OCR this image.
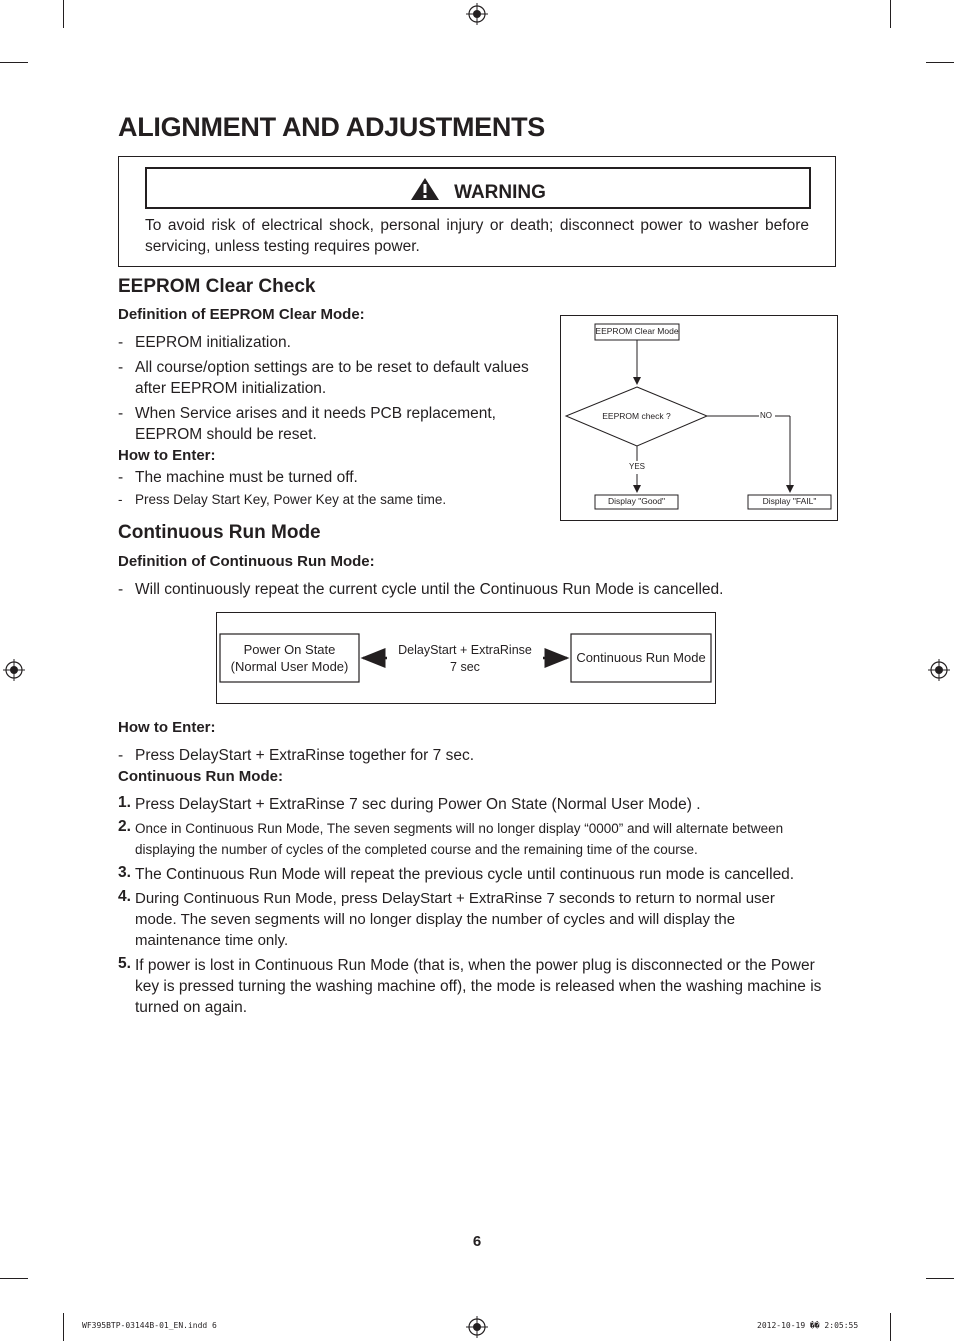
ALIGNMENT AND ADJUSTMENTS
WARNING
To avoid risk of electrical shock, personal injury or death; disconnect power to washer before servicing, unless testing requires power.
EEPROM Clear Check
Definition of EEPROM Clear Mode:
- EEPROM initialization.
- All course/option settings are to be reset to default values after EEPROM initialization.
- When Service arises and it needs PCB replacement, EEPROM should be reset.
How to Enter:
- The machine must be turned off.
- Press Delay Start Key, Power Key at the same time.
EEPROM Clear Mode
EEPROM check ?	NO
YES
Display "Good"	Display "FAIL"
Continuous Run Mode
Definition of Continuous Run Mode:
- Will continuously repeat the current cycle until the Continuous Run Mode is cancelled.
Power On State
(Normal User Mode)
DelayStart + ExtraRinse
7 sec
Continuous Run Mode
How to Enter:
- Press DelayStart + ExtraRinse together for 7 sec.
Continuous Run Mode:
1. Press DelayStart + ExtraRinse 7 sec during Power On State (Normal User Mode) .
2. Once in Continuous Run Mode, The seven segments will no longer display “0000” and will alternate between displaying the number of cycles of the completed course and the remaining time of the course.
3. The Continuous Run Mode will repeat the previous cycle until continuous run mode is cancelled.
4. During Continuous Run Mode, press DelayStart + ExtraRinse 7 seconds to return to normal user mode. The seven segments will no longer display the number of cycles and will display the maintenance time only.
5. If power is lost in Continuous Run Mode (that is, when the power plug is disconnected or the Power key is pressed turning the washing machine off), the mode is released when the washing machine is turned on again.
6
WF395BTP-03144B-01_EN.indd 6	2012-10-19 �� 2:05:55
